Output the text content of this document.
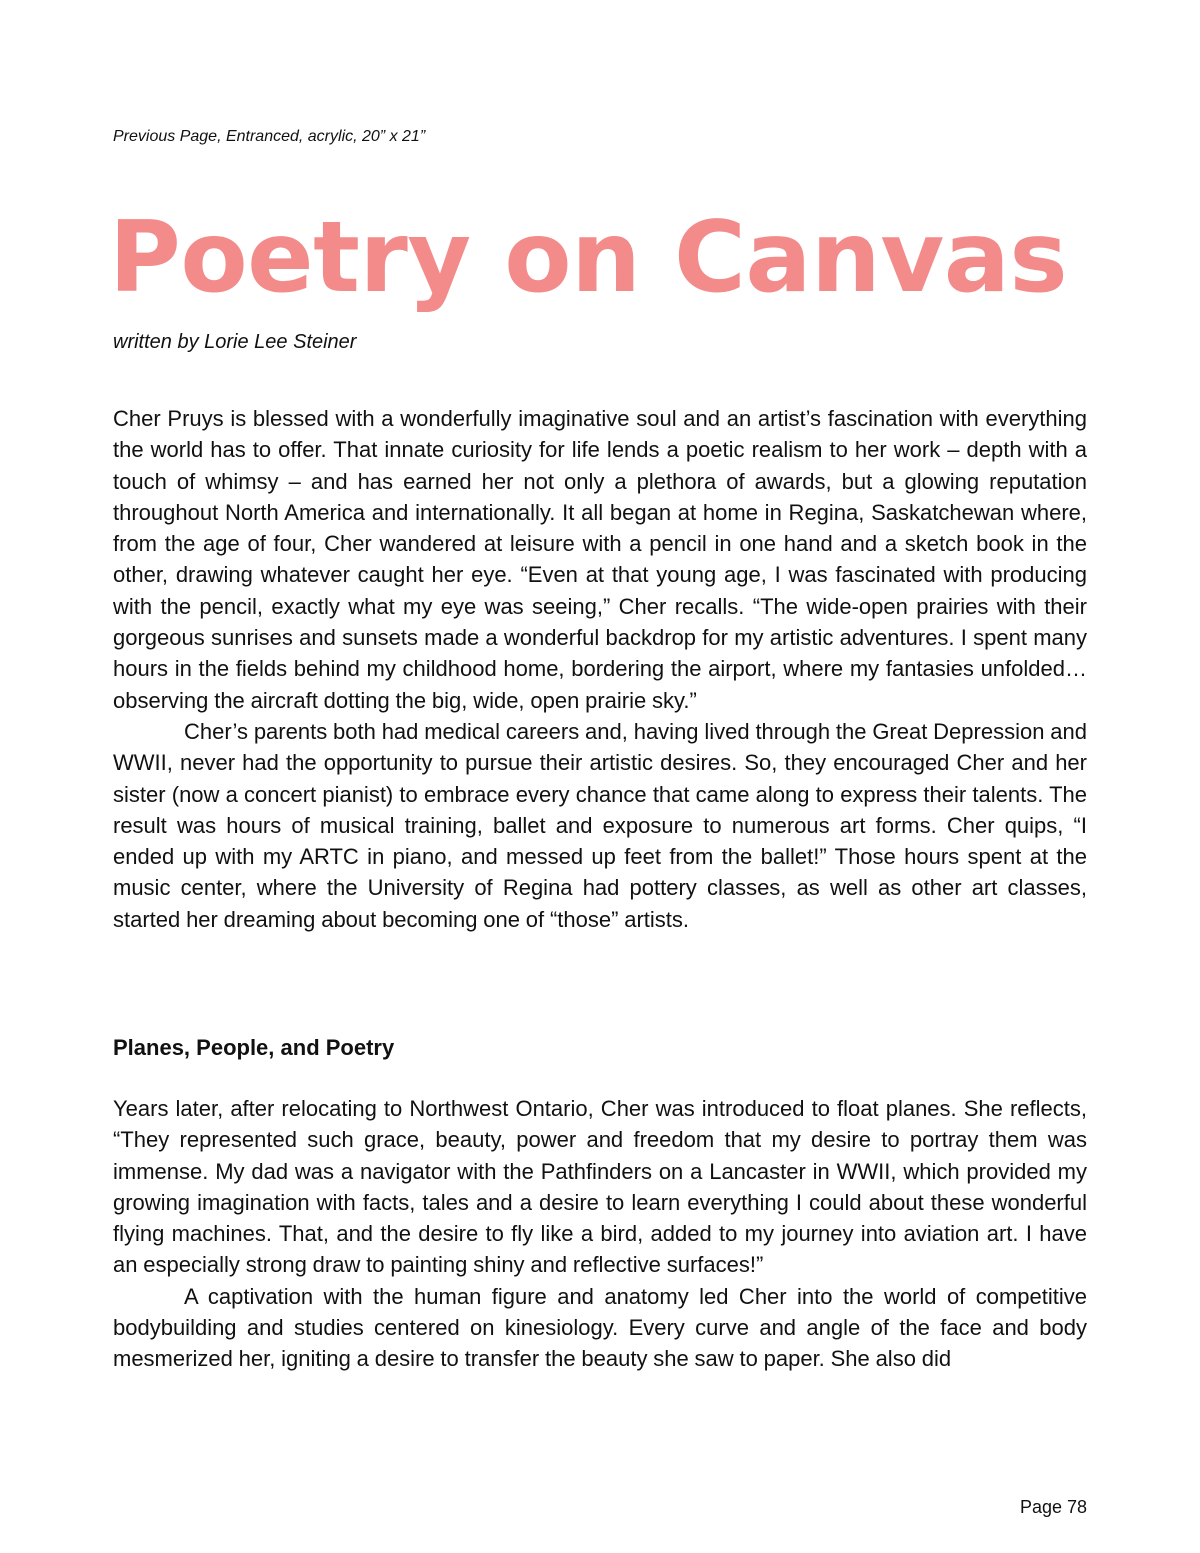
Previous Page, Entranced, acrylic, 20” x 21”
Poetry on Canvas
written by Lorie Lee Steiner

Cher Pruys is blessed with a wonderfully imaginative soul and an artist’s fascination with everything the world has to offer. That innate curiosity for life lends a poetic realism to her work – depth with a touch of whimsy – and has earned her not only a plethora of awards, but a glowing reputation throughout North America and internationally. It all began at home in Regina, Saskatchewan where, from the age of four, Cher wandered at leisure with a pencil in one hand and a sketch book in the other, drawing whatever caught her eye. “Even at that young age, I was fascinated with producing with the pencil, exactly what my eye was seeing,” Cher recalls. “The wide-open prairies with their gorgeous sunrises and sunsets made a wonderful backdrop for my artistic adventures. I spent many hours in the fields behind my childhood home, bordering the airport, where my fantasies unfolded… observing the aircraft dotting the big, wide, open prairie sky.”

Cher’s parents both had medical careers and, having lived through the Great Depression and WWII, never had the opportunity to pursue their artistic desires. So, they encouraged Cher and her sister (now a concert pianist) to embrace every chance that came along to express their talents. The result was hours of musical training, ballet and exposure to numerous art forms. Cher quips, “I ended up with my ARTC in piano, and messed up feet from the ballet!” Those hours spent at the music center, where the University of Regina had pottery classes, as well as other art classes, started her dreaming about becoming one of “those” artists.

Planes, People, and Poetry

Years later, after relocating to Northwest Ontario, Cher was introduced to float planes. She reflects, “They represented such grace, beauty, power and freedom that my desire to portray them was immense. My dad was a navigator with the Pathfinders on a Lancaster in WWII, which provided my growing imagination with facts, tales and a desire to learn everything I could about these wonderful flying machines. That, and the desire to fly like a bird, added to my journey into aviation art. I have an especially strong draw to painting shiny and reflective surfaces!”

A captivation with the human figure and anatomy led Cher into the world of competitive bodybuilding and studies centered on kinesiology. Every curve and angle of the face and body mesmerized her, igniting a desire to transfer the beauty she saw to paper. She also did

Page 78
